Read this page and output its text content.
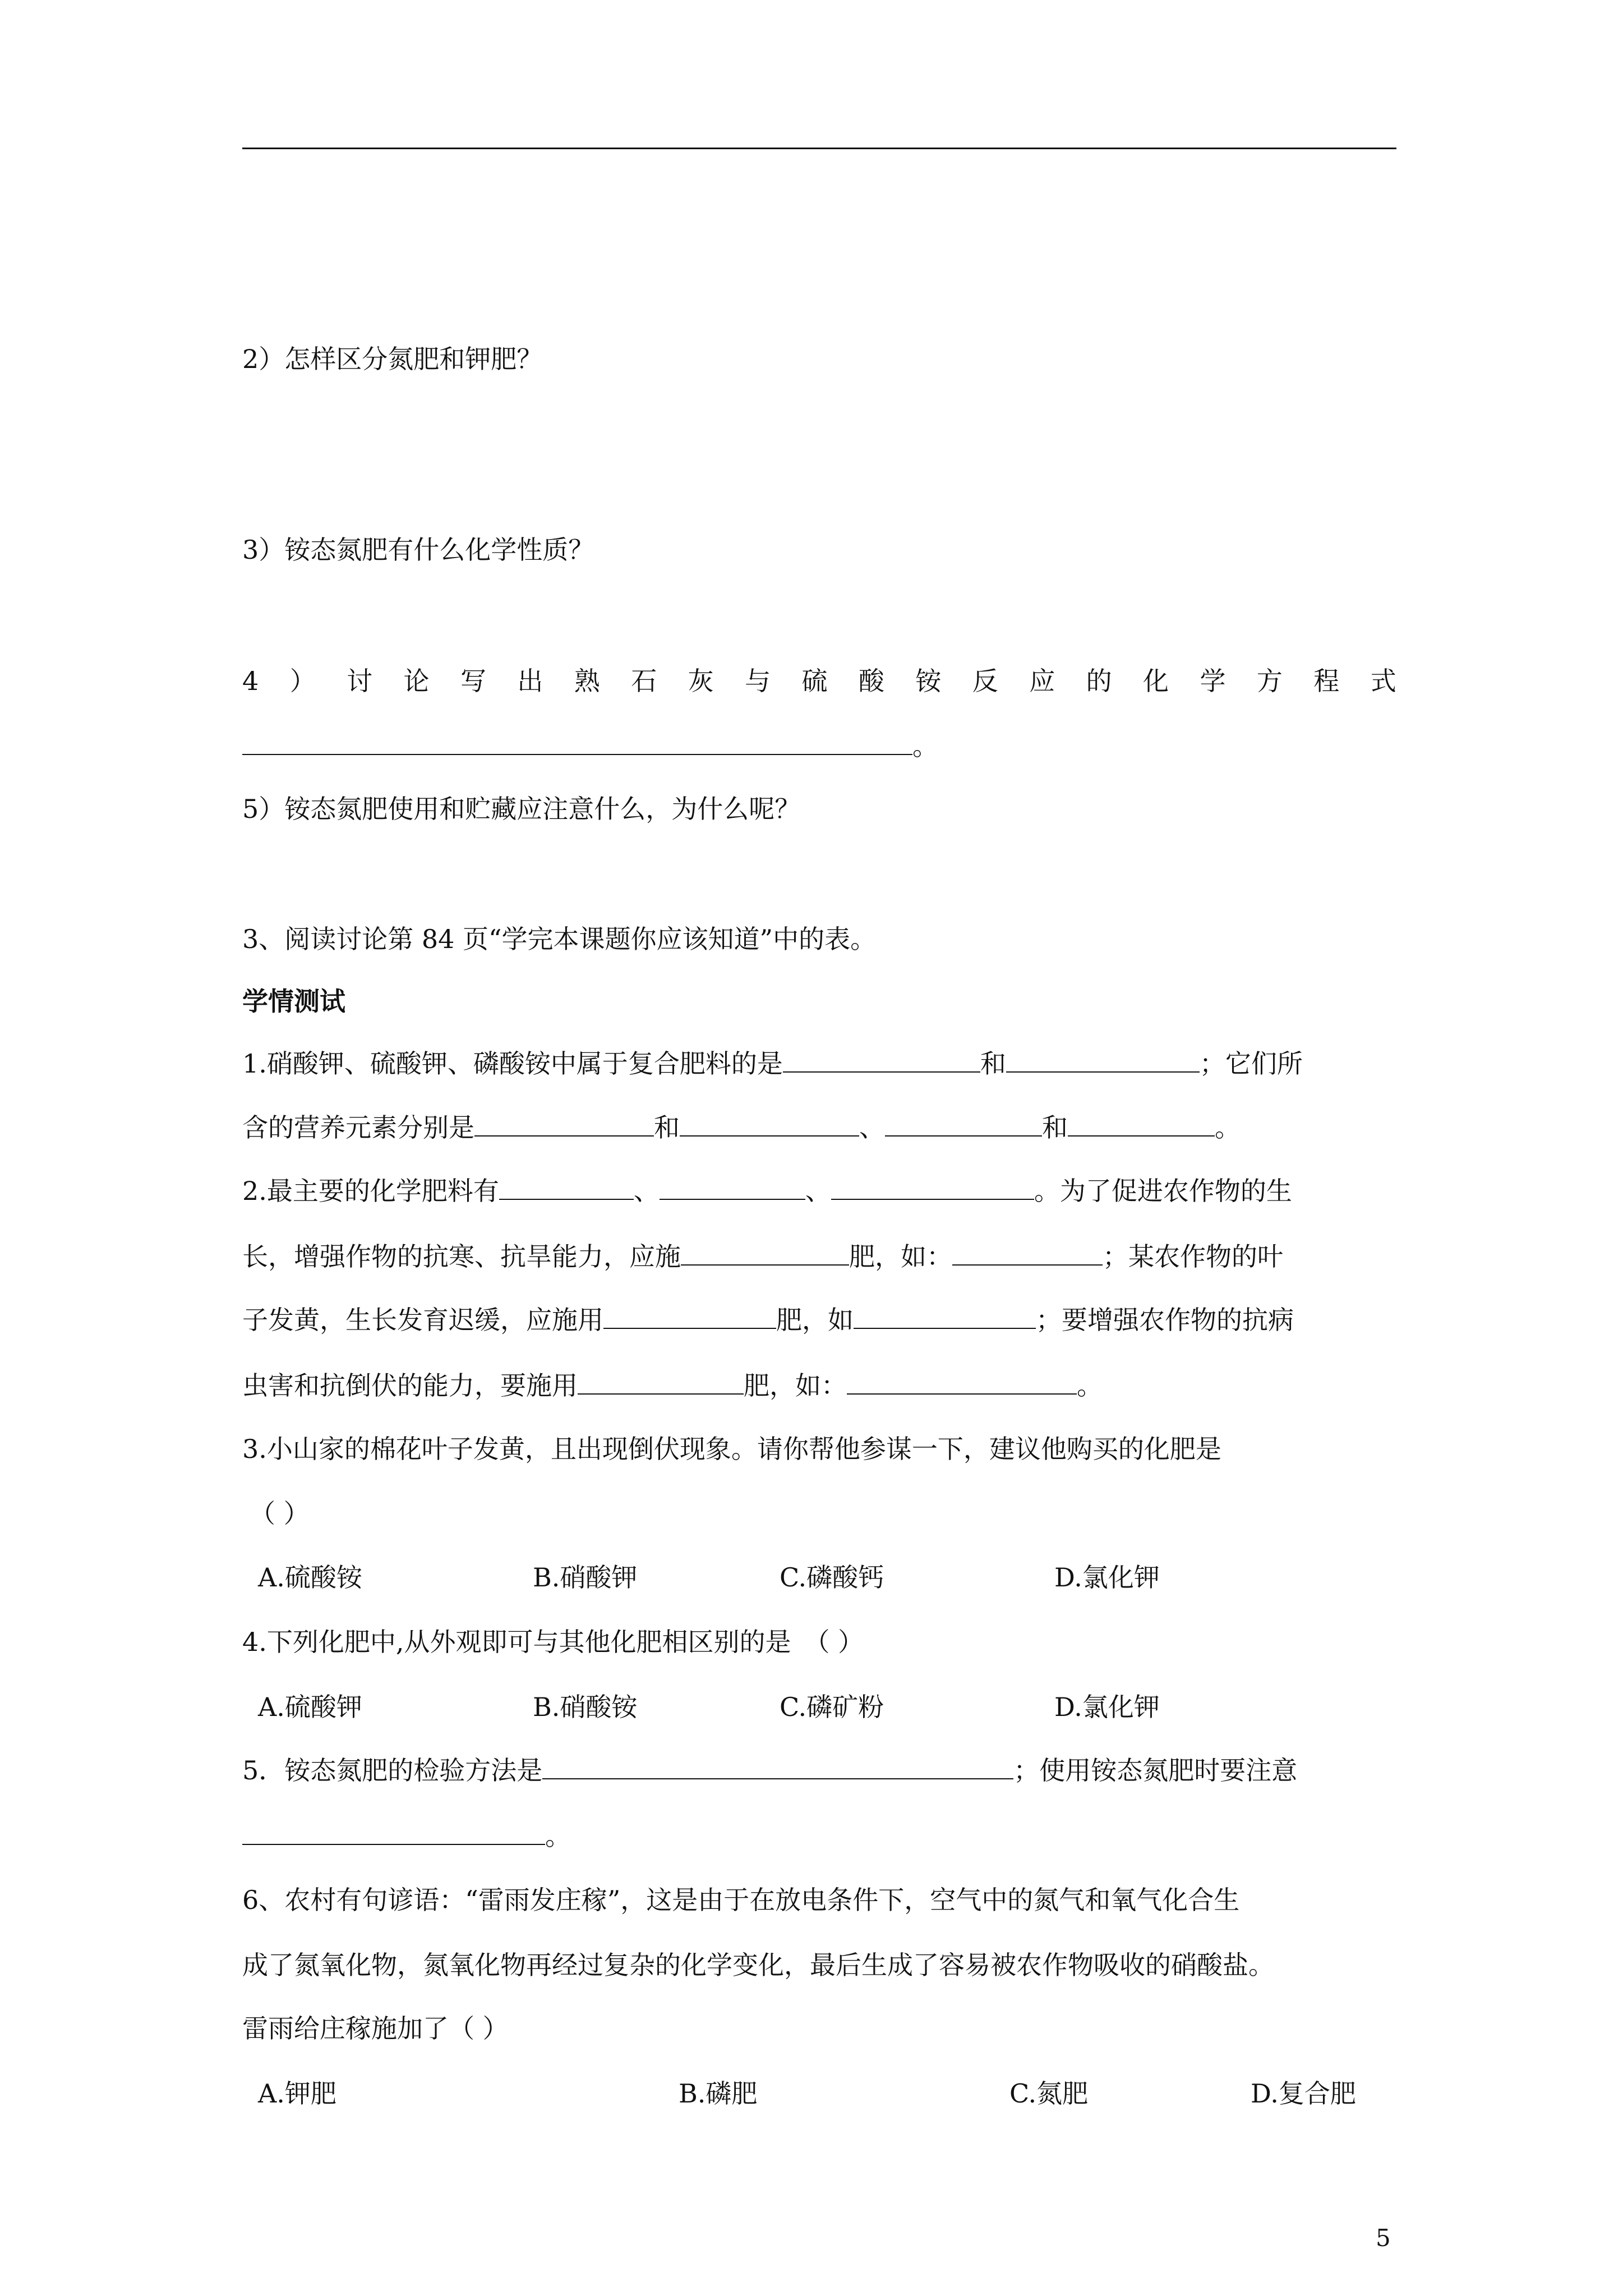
2）怎样区分氮肥和钾肥？
3）铵态氮肥有什么化学性质？
4 ） 讨 论 写 出 熟 石 灰 与 硫 酸 铵 反 应 的 化 学 方 程 式
。
5）铵态氮肥使用和贮藏应注意什么，为什么呢？
3、阅读讨论第 84 页“学完本课题你应该知道”中的表。
学情测试
1.硝酸钾、硫酸钾、磷酸铵中属于复合肥料的是	和	；它们所
含的营养元素分别是	和	、	和	。
2.最主要的化学肥料有	、	、	。为了促进农作物的生
长，增强作物的抗寒、抗旱能力，应施	肥，如：	；某农作物的叶
子发黄，生长发育迟缓，应施用	肥，如	；要增强农作物的抗病
虫害和抗倒伏的能力，要施用	肥，如：	。
3.小山家的棉花叶子发黄，且出现倒伏现象。请你帮他参谋一下，建议他购买的化肥是
（ ）
A.硫酸铵	B.硝酸钾	C.磷酸钙	D.氯化钾
4.下列化肥中,从外观即可与其他化肥相区别的是　（ ）
A.硫酸钾	B.硝酸铵	C.磷矿粉	D.氯化钾
5．铵态氮肥的检验方法是	；使用铵态氮肥时要注意
。
6、农村有句谚语：“雷雨发庄稼”，这是由于在放电条件下，空气中的氮气和氧气化合生
成了氮氧化物，氮氧化物再经过复杂的化学变化，最后生成了容易被农作物吸收的硝酸盐。
雷雨给庄稼施加了（ ）
A.钾肥	B.磷肥	C.氮肥	D.复合肥
5
